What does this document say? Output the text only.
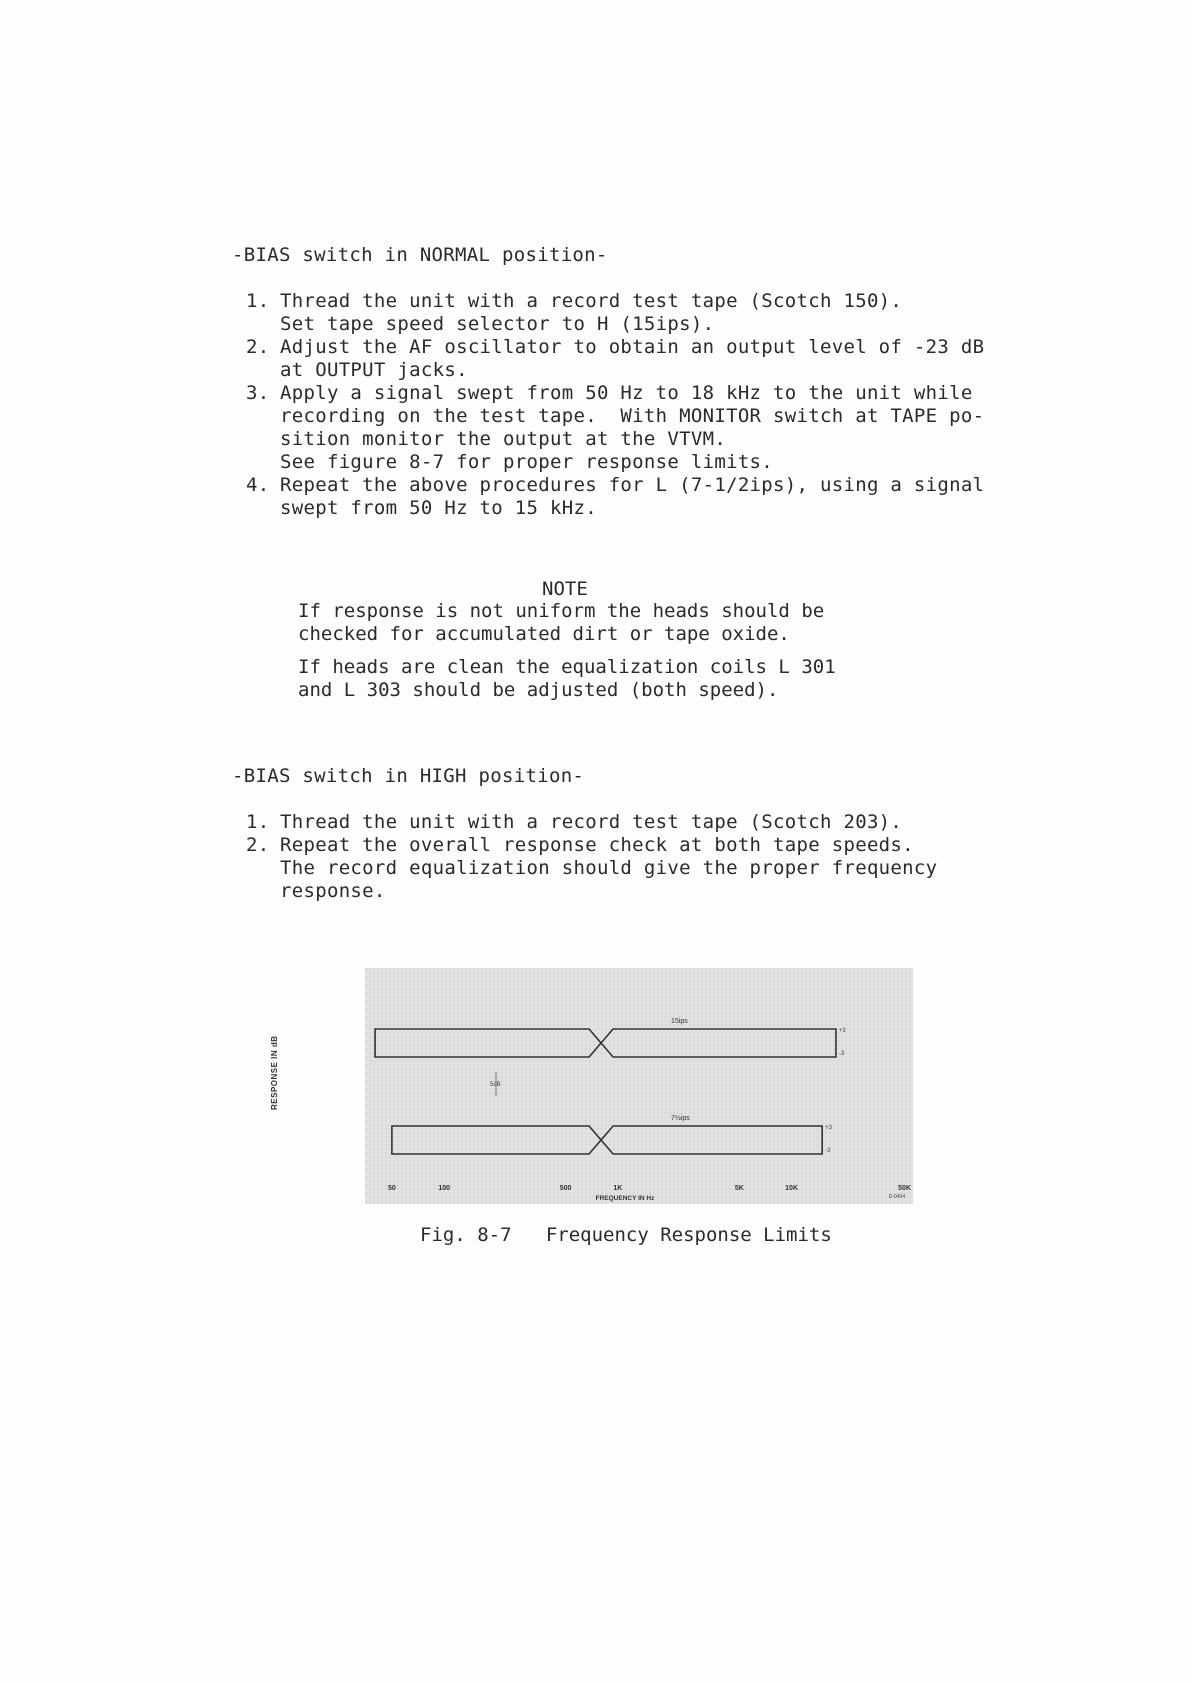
-BIAS switch in NORMAL position-
1. Thread the unit with a record test tape (Scotch 150).
Set tape speed selector to H (15ips).
2. Adjust the AF oscillator to obtain an output level of -23 dB
at OUTPUT jacks.
3. Apply a signal swept from 50 Hz to 18 kHz to the unit while
recording on the test tape.  With MONITOR switch at TAPE po-
sition monitor the output at the VTVM.
See figure 8-7 for proper response limits.
4. Repeat the above procedures for L (7-1/2ips), using a signal
swept from 50 Hz to 15 kHz.
NOTE
If response is not uniform the heads should be
checked for accumulated dirt or tape oxide.
If heads are clean the equalization coils L 301
and L 303 should be adjusted (both speed).
-BIAS switch in HIGH position-
1. Thread the unit with a record test tape (Scotch 203).
2. Repeat the overall response check at both tape speeds.
The record equalization should give the proper frequency
response.
15ips
+3
-3
7½ips
+3
-3
5dB
50	100	500	1K	5K	10K	50K
FREQUENCY IN Hz	D-0494
RESPONSE IN dB
Fig. 8-7   Frequency Response Limits
